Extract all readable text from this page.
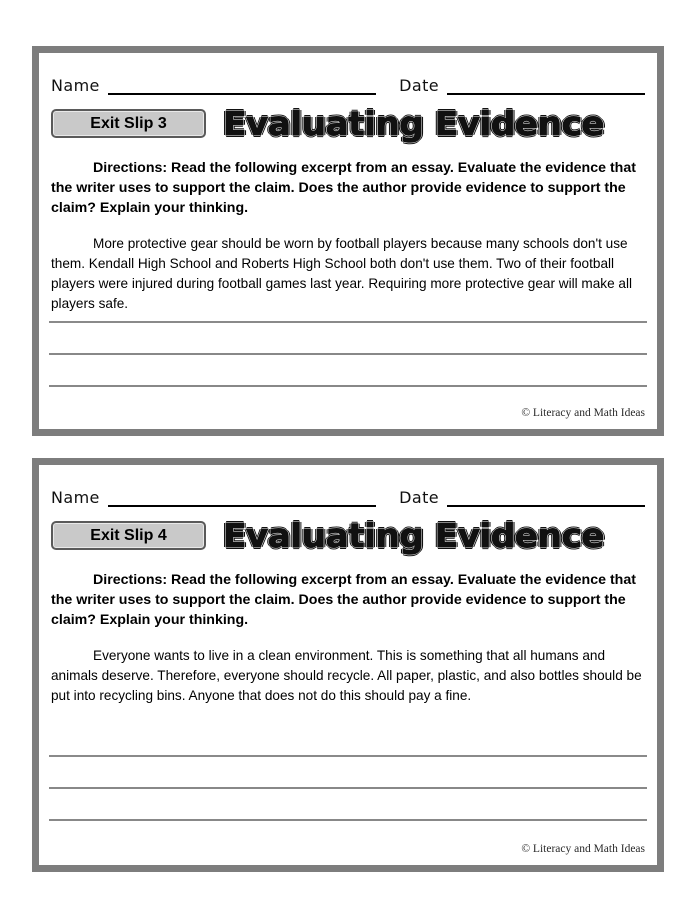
Name	Date
Exit Slip 3	Evaluating Evidence

Directions: Read the following excerpt from an essay. Evaluate the evidence that the writer uses to support the claim. Does the author provide evidence to support the claim? Explain your thinking.

More protective gear should be worn by football players because many schools don't use them. Kendall High School and Roberts High School both don't use them. Two of their football players were injured during football games last year. Requiring more protective gear will make all players safe.

© Literacy and Math Ideas
Name	Date
Exit Slip 4	Evaluating Evidence

Directions: Read the following excerpt from an essay. Evaluate the evidence that the writer uses to support the claim. Does the author provide evidence to support the claim? Explain your thinking.

Everyone wants to live in a clean environment. This is something that all humans and animals deserve. Therefore, everyone should recycle. All paper, plastic, and also bottles should be put into recycling bins. Anyone that does not do this should pay a fine.

© Literacy and Math Ideas
